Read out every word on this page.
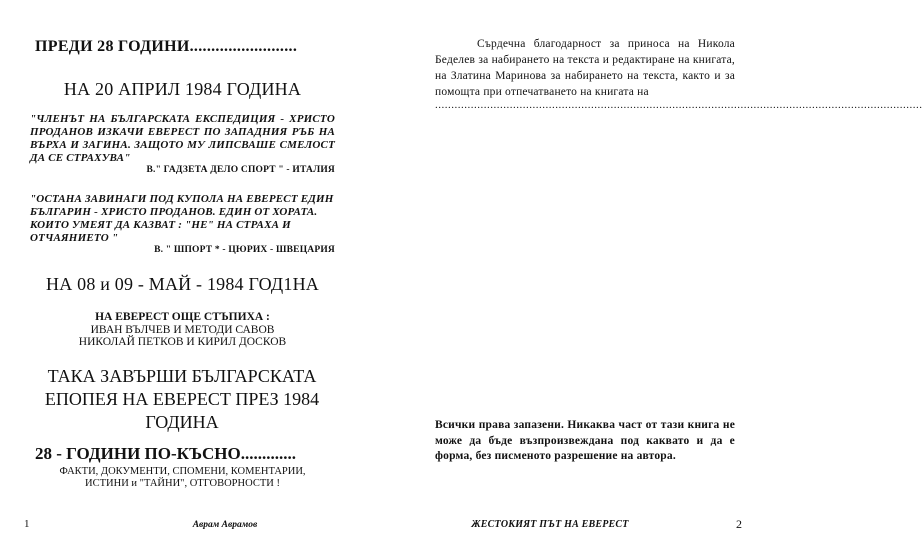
ПРЕДИ 28 ГОДИНИ.........................
НА 20 АПРИЛ 1984 ГОДИНА
"ЧЛЕНЪТ НА БЪЛГАРСКАТА ЕКСПЕДИЦИЯ - ХРИСТО ПРОДАНОВ ИЗКАЧИ ЕВЕРЕСТ ПО ЗАПАДНИЯ РЪБ НА ВЪРХА И ЗАГИНА. ЗАЩОТО МУ ЛИПСВАШЕ СМЕЛОСТ ДА СЕ СТРАХУВА"
В." ГАДЗЕТА ДЕЛО СПОРТ " - ИТАЛИЯ
"ОСТАНА ЗАВИНАГИ ПОД КУПОЛА НА ЕВЕРЕСТ ЕДИН БЪЛГАРИН - ХРИСТО ПРОДАНОВ. ЕДИН ОТ ХОРАТА. КОИТО УМЕЯТ ДА КАЗВАТ : "НЕ" НА СТРАХА И ОТЧАЯНИЕТО "
В. " ШПОРТ * - ЦЮРИХ - ШВЕЦАРИЯ
НА 08 и 09 - МАЙ - 1984 ГОД1НА
НА ЕВЕРЕСТ ОЩЕ СТЪПИХА :
ИВАН ВЪЛЧЕВ И МЕТОДИ САВОВ
НИКОЛАЙ ПЕТКОВ И КИРИЛ ДОСКОВ
ТАКА ЗАВЪРШИ БЪЛГАРСКАТА ЕПОПЕЯ НА ЕВЕРЕСТ ПРЕЗ 1984 ГОДИНА
28 - ГОДИНИ ПО-КЪСНО.............
ФАКТИ, ДОКУМЕНТИ, СПОМЕНИ, КОМЕНТАРИИ,
ИСТИНИ и "ТАЙНИ", ОТГОВОРНОСТИ !
Сърдечна благодарност за приноса на Никола Беделев за набирането на текста и редактиране на книгата, на Златина Маринова за набирането на текста, както и за помощта при отпечатването на книгата на
......................................................................................................................................................
Всички права запазени. Никаква част от тази книга не може да бъде възпроизвеждана под каквато и да е форма, без писменото разрешение на автора.
1	Аврам Аврамов	ЖЕСТОКИЯТ ПЪТ НА ЕВЕРЕСТ	2
